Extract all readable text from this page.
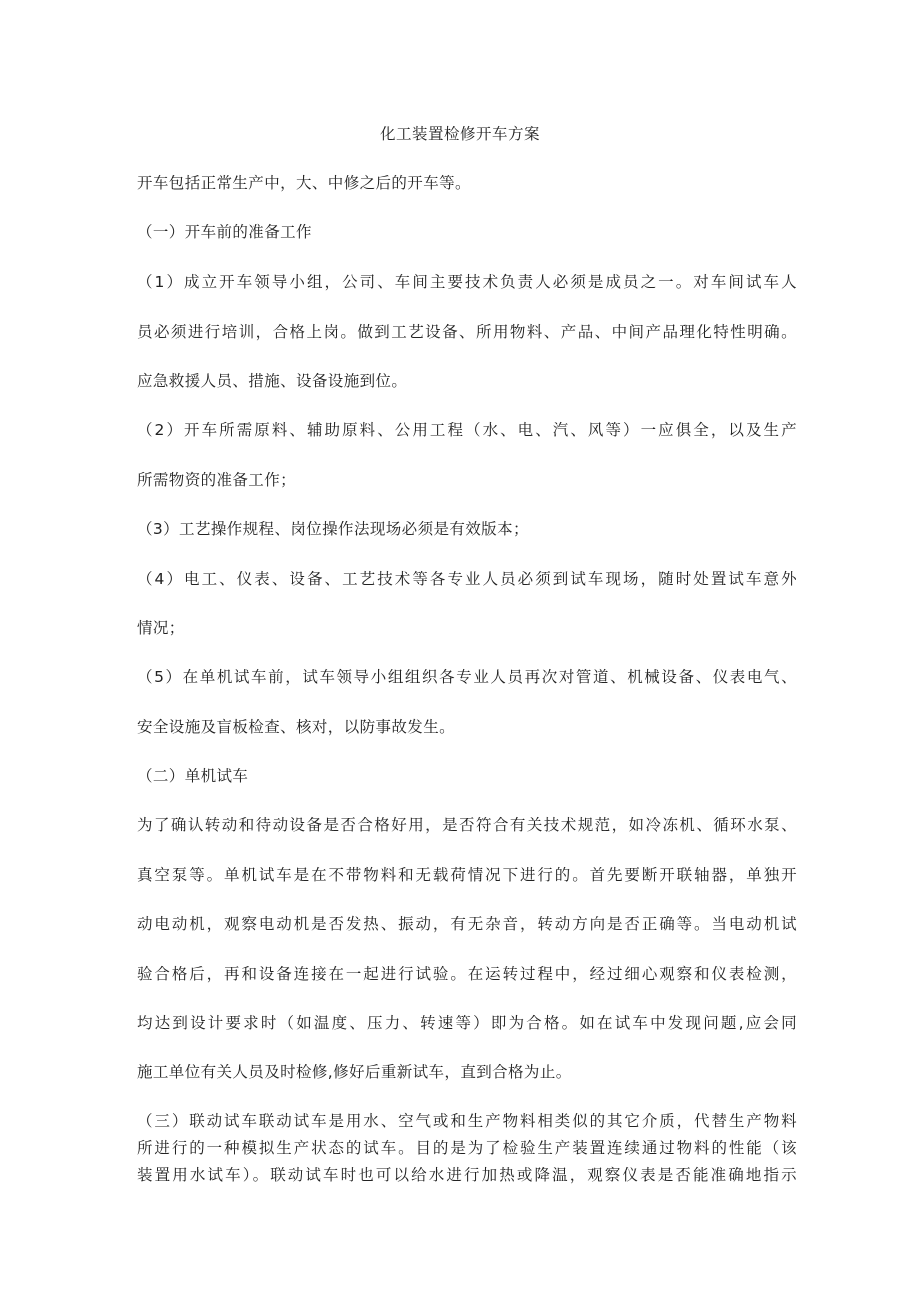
化工装置检修开车方案
开车包括正常生产中，大、中修之后的开车等。
（一）开车前的准备工作
（1）成立开车领导小组，公司、车间主要技术负责人必须是成员之一。对车间试车人
员必须进行培训，合格上岗。做到工艺设备、所用物料、产品、中间产品理化特性明确。
应急救援人员、措施、设备设施到位。
（2）开车所需原料、辅助原料、公用工程（水、电、汽、风等）一应俱全，以及生产
所需物资的准备工作；
（3）工艺操作规程、岗位操作法现场必须是有效版本；
（4）电工、仪表、设备、工艺技术等各专业人员必须到试车现场，随时处置试车意外
情况；
（5）在单机试车前，试车领导小组组织各专业人员再次对管道、机械设备、仪表电气、
安全设施及盲板检查、核对，以防事故发生。
（二）单机试车
为了确认转动和待动设备是否合格好用，是否符合有关技术规范，如冷冻机、循环水泵、
真空泵等。单机试车是在不带物料和无载荷情况下进行的。首先要断开联轴器，单独开
动电动机，观察电动机是否发热、振动，有无杂音，转动方向是否正确等。当电动机试
验合格后，再和设备连接在一起进行试验。在运转过程中，经过细心观察和仪表检测，
均达到设计要求时（如温度、压力、转速等）即为合格。如在试车中发现问题,应会同
施工单位有关人员及时检修,修好后重新试车，直到合格为止。
（三）联动试车联动试车是用水、空气或和生产物料相类似的其它介质，代替生产物料
所进行的一种模拟生产状态的试车。目的是为了检验生产装置连续通过物料的性能（该
装置用水试车）。联动试车时也可以给水进行加热或降温，观察仪表是否能准确地指示
